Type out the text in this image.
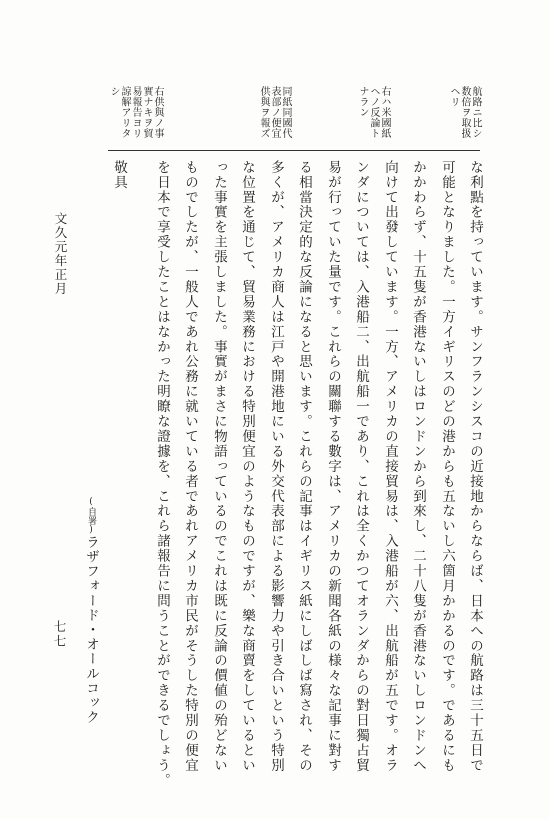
航路ニ比シ
数倍ヲ取扱
ヘリ

右ハ米國紙
ヘノ反論ト
ナラン

同紙同國代
表部ノ便宜
供與ヲ報ズ

右供與ノ事
實ナキヲ貿
易報告ヨリ
諒解アリタ
シ

な利點を持っています。サンフランシスコの近接地からならば、日本への航路は三十五日で

可能となりました。一方イギリスのどの港からも五ないし六箇月かかるのです。であるにも

かかわらず、十五隻が香港ないしはロンドンから到來し、二十八隻が香港ないしロンドンへ

向けて出發しています。一方、アメリカの直接貿易は、入港船が六、出航船が五です。オラ

ンダについては、入港船二、出航船一であり、これは全くかつてオランダからの對日獨占貿

易が行っていた量です。これらの關聯する數字は、アメリカの新聞各紙の様々な記事に對す

る相當決定的な反論になると思います。これらの記事はイギリス紙にしばしば寫され、その

多くが、アメリカ商人は江戸や開港地にいる外交代表部による影響力や引き合いという特別

な位置を通じて、貿易業務における特別便宜のようなものですが、樂な商賣をしているとい

った事實を主張しました。事實がまさに物語っているのでこれは既に反論の價値の殆どない

ものでしたが、一般人であれ公務に就いている者であれアメリカ市民がそうした特別の便宜

を日本で享受したことはなかった明瞭な證據を、これら諸報告に問うことができるでしょう。

敬具

(自署)ラザフォード・オールコック

文久元年正月

七七
